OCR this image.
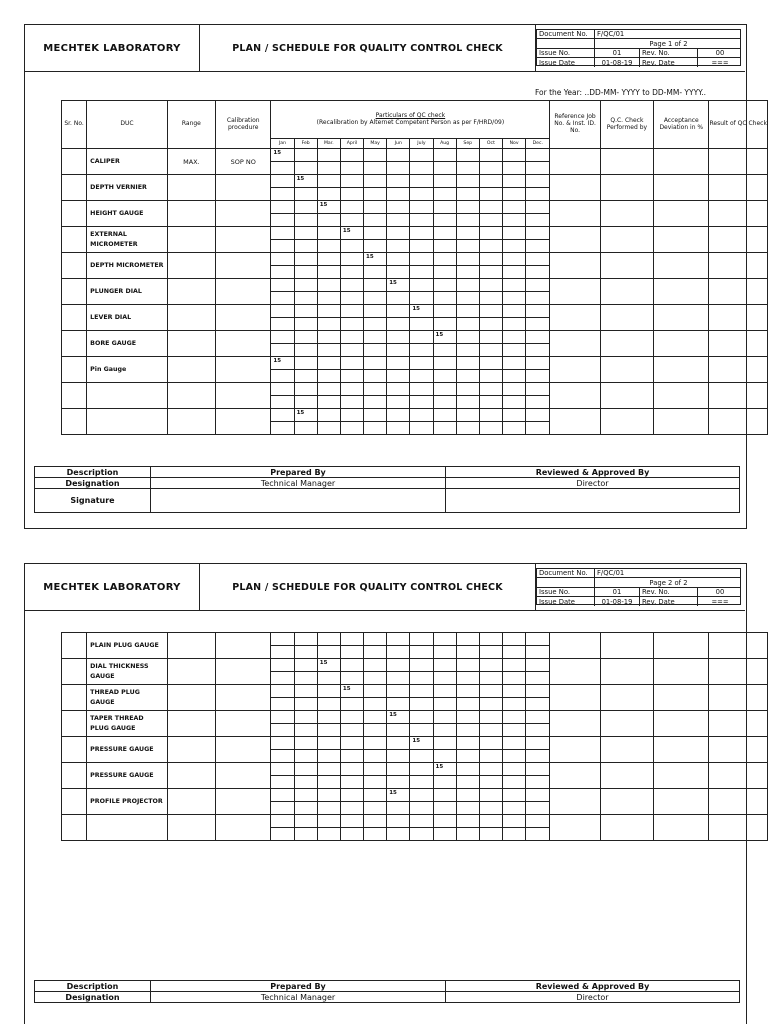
MECHTEK LABORATORY	PLAN / SCHEDULE FOR QUALITY CONTROL CHECK
Document No.	F/QC/01
Page 1 of 2
Issue No.	01	Rev. No.	00
Issue Date	01-08-19	Rev. Date	===
For the Year: ..DD-MM- YYYY to DD-MM- YYYY..
Sr. No.	DUC	Range	Calibration procedure	Particulars of QC check
(Recalibration by Alternet Competent Person as per F/HRD/09)												Reference Job No. & Inst. ID. No.	Q.C. Check Performed by	Acceptance Deviation in %	Result of QC Check
				Jan	Feb	Mar.	April	May	Jun	July	Aug	Sep	Oct	Nov	Dec.				
	CALIPER	MAX.	SOP NO	15															

	DEPTH VERNIER				15														

	HEIGHT GAUGE					15													

	EXTERNAL MICROMETER						15												

	DEPTH MICROMETER							15											

	PLUNGER DIAL								15										

	LEVER DIAL									15									

	BORE GAUGE										15								

	Pin Gauge			15															

					15														

Description	Prepared By	Reviewed & Approved By
Designation	Technical Manager	Director
Signature		
MECHTEK LABORATORY	PLAN / SCHEDULE FOR QUALITY CONTROL CHECK
Document No.	F/QC/01
Page 2 of 2
Issue No.	01	Rev. No.	00
Issue Date	01-08-19	Rev. Date	===
	PLAIN PLUG GAUGE																		

	DIAL THICKNESS GAUGE					15													

	THREAD PLUG GAUGE						15												

	TAPER THREAD PLUG GAUGE								15										

	PRESSURE GAUGE									15									

	PRESSURE GAUGE										15								

	PROFILE PROJECTOR								15										

Description	Prepared By	Reviewed & Approved By
Designation	Technical Manager	Director
